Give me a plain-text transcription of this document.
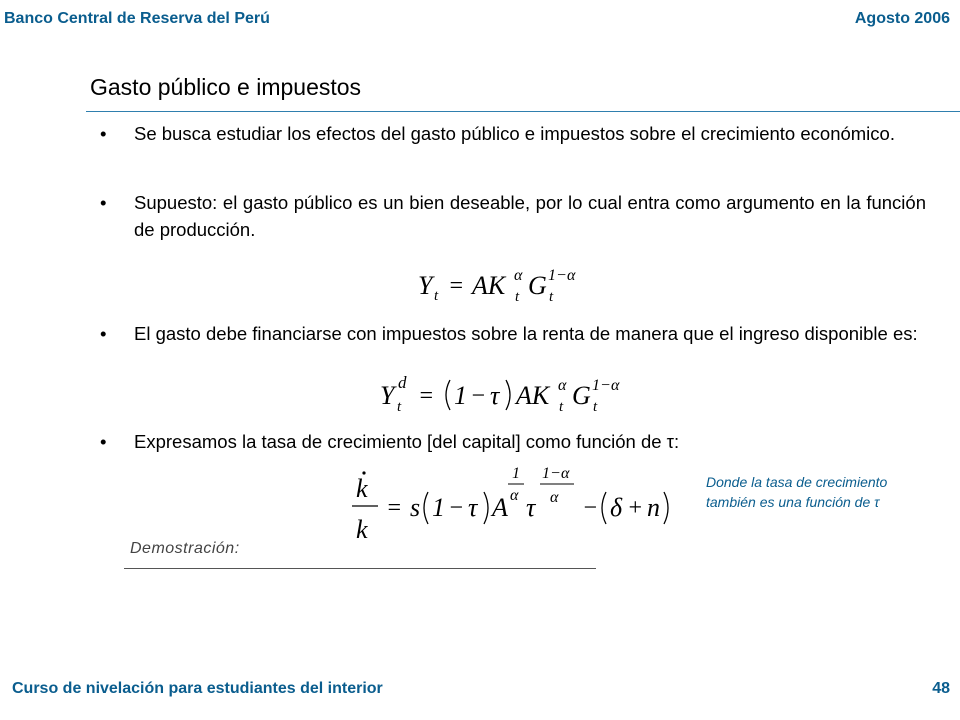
Banco Central de Reserva del Perú	Agosto 2006
Gasto público e impuestos
• Se busca estudiar los efectos del gasto público e impuestos sobre el crecimiento económico.
• Supuesto: el gasto público es un bien deseable, por lo cual entra como argumento en la función de producción.
Y t = AK α
t G 1− α
t
• El gasto debe financiarse con impuestos sobre la renta de manera que el ingreso disponible es:
Y d
t = 1 − τ AK α
t G 1− α
t
• Expresamos la tasa de crecimiento [del capital] como función de τ:
k
k
= s 1 − τ A
1
α τ
1− α
α − δ + n
Donde la tasa de crecimiento también es una función de τ
Demostración:
Curso de nivelación para estudiantes del interior	48
